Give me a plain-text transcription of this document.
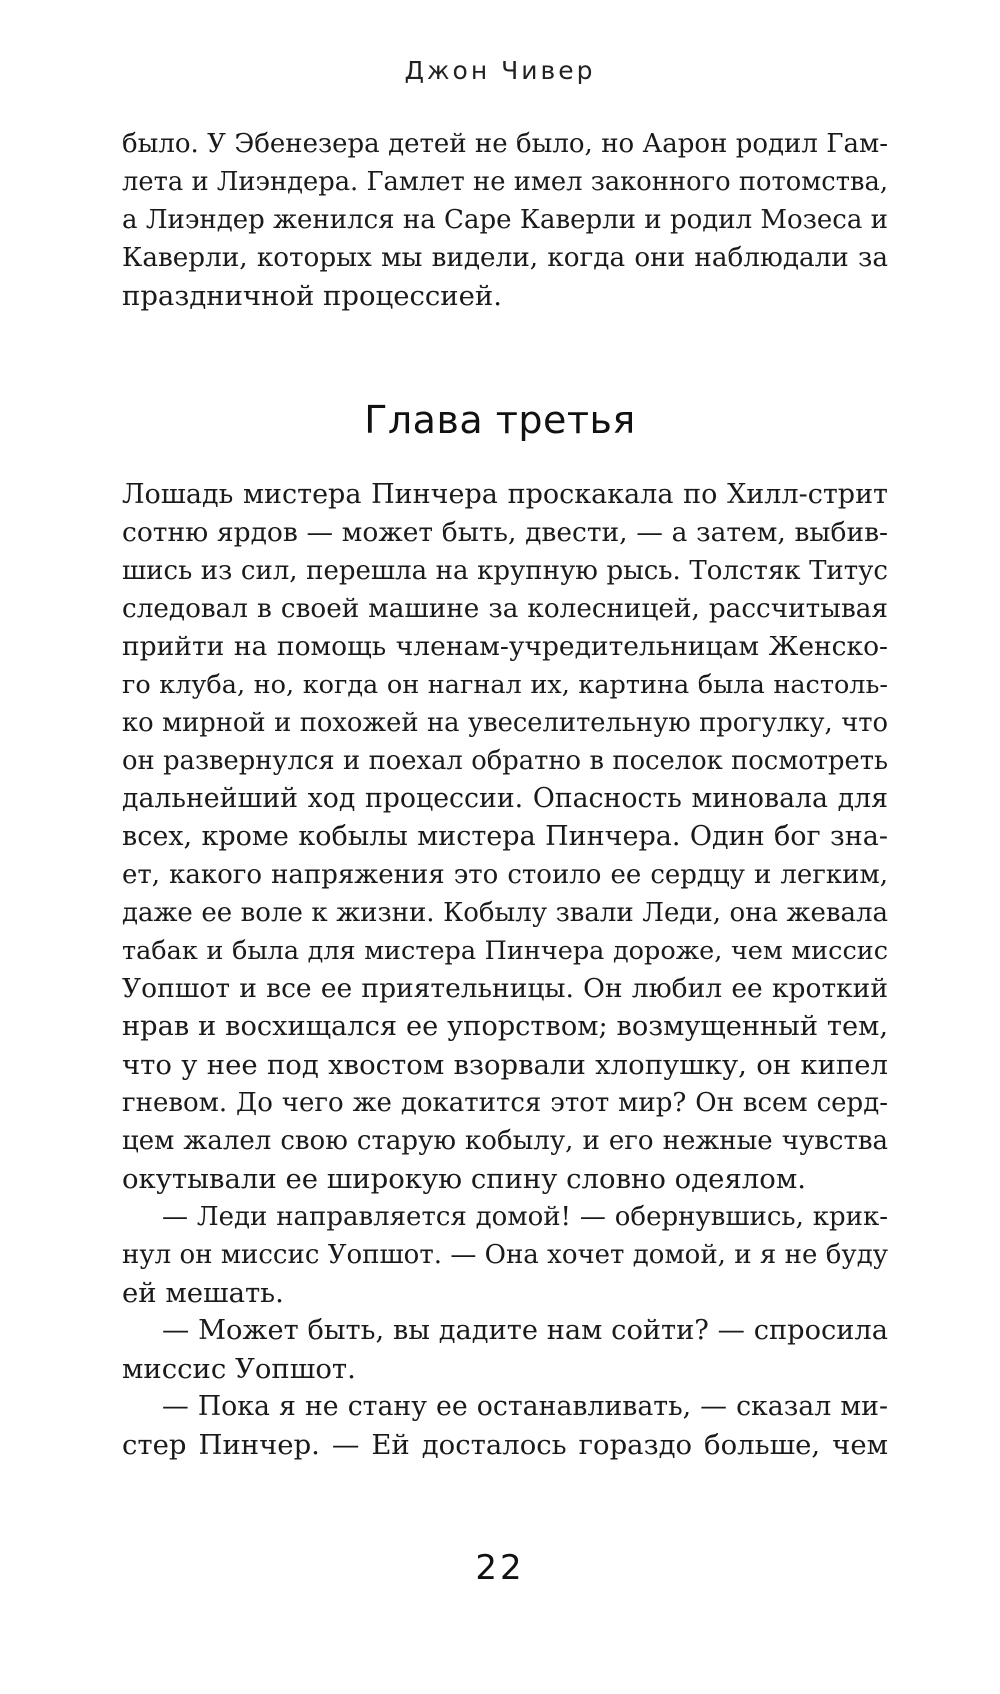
Джон Чивер
было. У Эбенезера детей не было, но Аарон родил Гам-
лета и Лиэндера. Гамлет не имел законного потомства,
а Лиэндер женился на Саре Каверли и родил Мозеса и
Каверли, которых мы видели, когда они наблюдали за
праздничной процессией.
Глава третья
Лошадь мистера Пинчера проскакала по Хилл-стрит
сотню ярдов — может быть, двести, — а затем, выбив-
шись из сил, перешла на крупную рысь. Толстяк Титус
следовал в своей машине за колесницей, рассчитывая
прийти на помощь членам-учредительницам Женско-
го клуба, но, когда он нагнал их, картина была настоль-
ко мирной и похожей на увеселительную прогулку, что
он развернулся и поехал обратно в поселок посмотреть
дальнейший ход процессии. Опасность миновала для
всех, кроме кобылы мистера Пинчера. Один бог зна-
ет, какого напряжения это стоило ее сердцу и легким,
даже ее воле к жизни. Кобылу звали Леди, она жевала
табак и была для мистера Пинчера дороже, чем миссис
Уопшот и все ее приятельницы. Он любил ее кроткий
нрав и восхищался ее упорством; возмущенный тем,
что у нее под хвостом взорвали хлопушку, он кипел
гневом. До чего же докатится этот мир? Он всем серд-
цем жалел свою старую кобылу, и его нежные чувства
окутывали ее широкую спину словно одеялом.
— Леди направляется домой! — обернувшись, крик-
нул он миссис Уопшот. — Она хочет домой, и я не буду
ей мешать.
— Может быть, вы дадите нам сойти? — спросила
миссис Уопшот.
— Пока я не стану ее останавливать, — сказал ми-
стер Пинчер. — Ей досталось гораздо больше, чем
22
